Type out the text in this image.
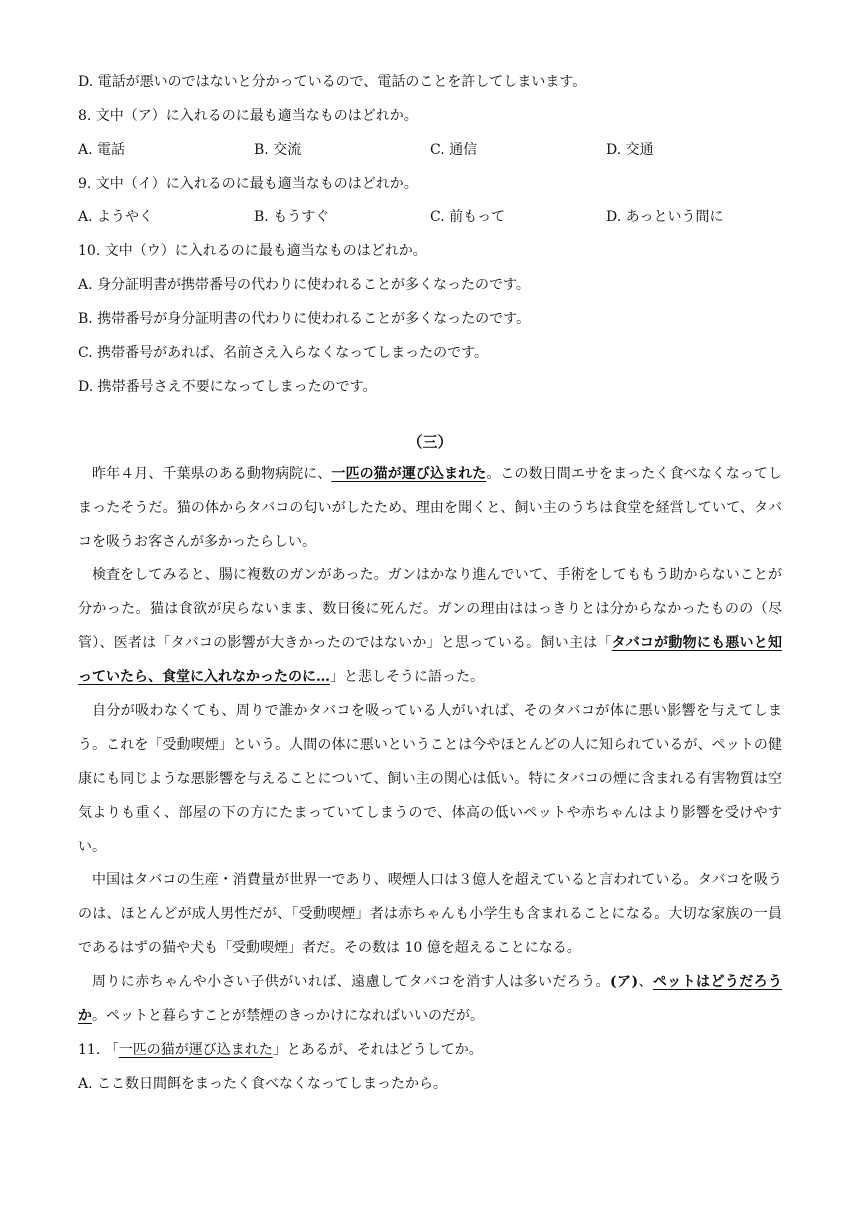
D. 電話が悪いのではないと分かっているので、電話のことを許してしまいます。
8. 文中（ア）に入れるのに最も適当なものはどれか。
A. 電話	B. 交流	C. 通信	D. 交通
9. 文中（イ）に入れるのに最も適当なものはどれか。
A. ようやく	B. もうすぐ	C. 前もって	D. あっという間に
10. 文中（ウ）に入れるのに最も適当なものはどれか。
A. 身分証明書が携帯番号の代わりに使われることが多くなったのです。
B. 携帯番号が身分証明書の代わりに使われることが多くなったのです。
C. 携帯番号があれば、名前さえ入らなくなってしまったのです。
D. 携帯番号さえ不要になってしまったのです。
（三）

昨年４月、千葉県のある動物病院に、一匹の猫が運び込まれた。この数日間エサをまったく食べなくなってしまったそうだ。猫の体からタバコの匂いがしたため、理由を聞くと、飼い主のうちは食堂を経営していて、タバコを吸うお客さんが多かったらしい。

検査をしてみると、腸に複数のガンがあった。ガンはかなり進んでいて、手術をしてももう助からないことが分かった。猫は食欲が戻らないまま、数日後に死んだ。ガンの理由ははっきりとは分からなかったものの（尽管）、医者は「タバコの影響が大きかったのではないか」と思っている。飼い主は「タバコが動物にも悪いと知っていたら、食堂に入れなかったのに…」と悲しそうに語った。

自分が吸わなくても、周りで誰かタバコを吸っている人がいれば、そのタバコが体に悪い影響を与えてしまう。これを「受動喫煙」という。人間の体に悪いということは今やほとんどの人に知られているが、ペットの健康にも同じような悪影響を与えることについて、飼い主の関心は低い。特にタバコの煙に含まれる有害物質は空気よりも重く、部屋の下の方にたまっていてしまうので、体高の低いペットや赤ちゃんはより影響を受けやすい。

中国はタバコの生産・消費量が世界一であり、喫煙人口は３億人を超えていると言われている。タバコを吸うのは、ほとんどが成人男性だが、「受動喫煙」者は赤ちゃんも小学生も含まれることになる。大切な家族の一員であるはずの猫や犬も「受動喫煙」者だ。その数は 10 億を超えることになる。

周りに赤ちゃんや小さい子供がいれば、遠慮してタバコを消す人は多いだろう。(ア)、ペットはどうだろうか。ペットと暮らすことが禁煙のきっかけになればいいのだが。

11. 「一匹の猫が運び込まれた」とあるが、それはどうしてか。
A. ここ数日間餌をまったく食べなくなってしまったから。
